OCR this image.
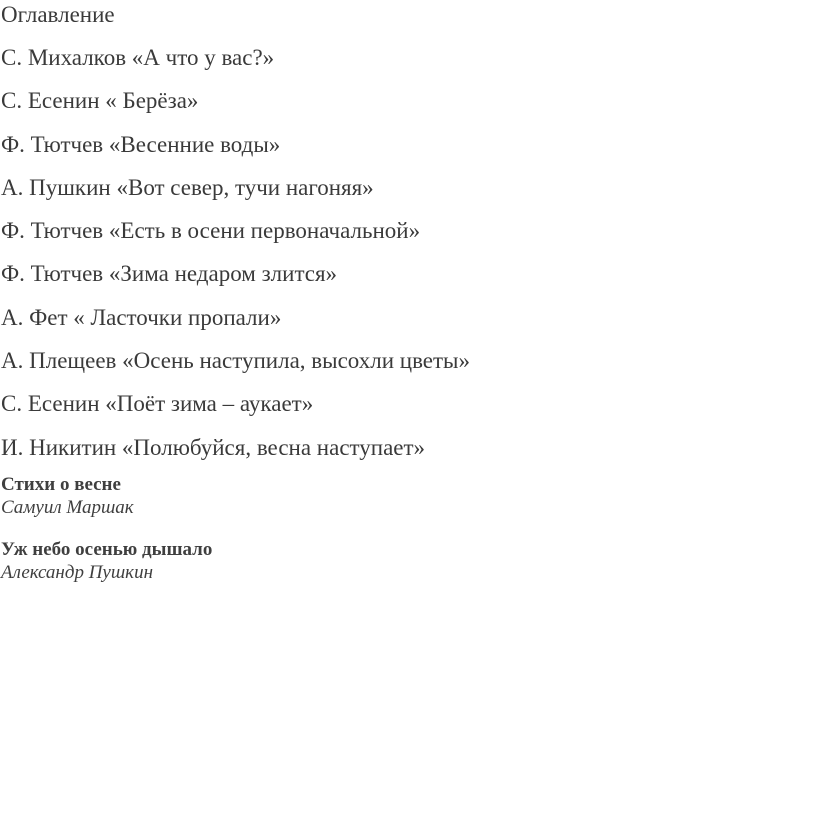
Оглавление
С. Михалков «А что у вас?»
С. Есенин « Берёза»
Ф. Тютчев «Весенние воды»
А. Пушкин «Вот север, тучи нагоняя»
Ф. Тютчев «Есть в осени первоначальной»
Ф. Тютчев «Зима недаром злится»
А. Фет « Ласточки пропали»
А. Плещеев «Осень наступила, высохли цветы»
С. Есенин «Поёт зима – аукает»
И. Никитин «Полюбуйся, весна наступает»

Стихи о весне

Самуил Маршак

Уж небо осенью дышало

Александр Пушкин
